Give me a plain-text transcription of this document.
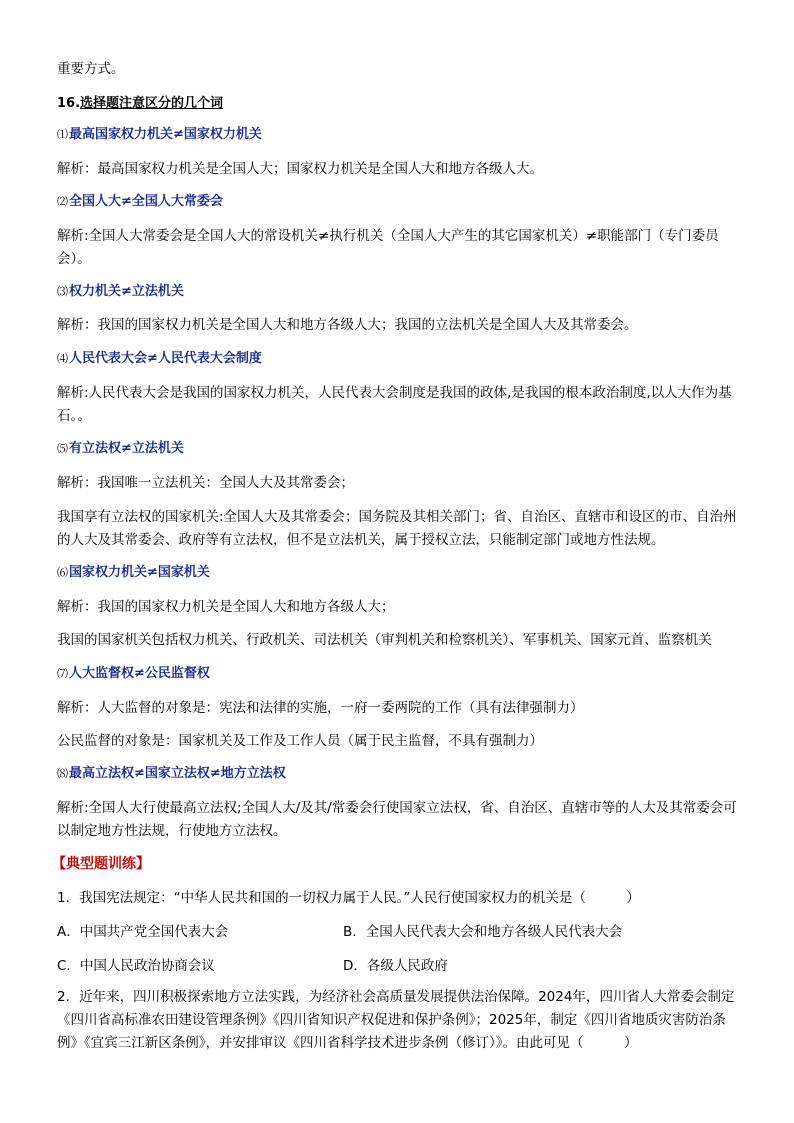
重要方式。

16.选择题注意区分的几个词

⑴最高国家权力机关≠国家权力机关

解析：最高国家权力机关是全国人大；国家权力机关是全国人大和地方各级人大。

⑵全国人大≠全国人大常委会

解析:全国人大常委会是全国人大的常设机关≠执行机关（全国人大产生的其它国家机关）≠职能部门（专门委员会）。

⑶权力机关≠立法机关

解析：我国的国家权力机关是全国人大和地方各级人大；我国的立法机关是全国人大及其常委会。

⑷人民代表大会≠人民代表大会制度

解析:人民代表大会是我国的国家权力机关，人民代表大会制度是我国的政体,是我国的根本政治制度,以人大作为基石。。

⑸有立法权≠立法机关

解析：我国唯一立法机关：全国人大及其常委会；

我国享有立法权的国家机关:全国人大及其常委会；国务院及其相关部门；省、自治区、直辖市和设区的市、自治州的人大及其常委会、政府等有立法权，但不是立法机关，属于授权立法，只能制定部门或地方性法规。

⑹国家权力机关≠国家机关

解析：我国的国家权力机关是全国人大和地方各级人大；

我国的国家机关包括权力机关、行政机关、司法机关（审判机关和检察机关）、军事机关、国家元首、监察机关

⑺人大监督权≠公民监督权

解析：人大监督的对象是：宪法和法律的实施，一府一委两院的工作（具有法律强制力）

公民监督的对象是：国家机关及工作及工作人员（属于民主监督，不具有强制力）

⑻最高立法权≠国家立法权≠地方立法权

解析:全国人大行使最高立法权;全国人大/及其/常委会行使国家立法权，省、自治区、直辖市等的人大及其常委会可以制定地方性法规，行使地方立法权。

【典型题训练】

1．我国宪法规定：“中华人民共和国的一切权力属于人民。”人民行使国家权力的机关是（　　　）

A．中国共产党全国代表大会	B．全国人民代表大会和地方各级人民代表大会
C．中国人民政治协商会议	D．各级人民政府

2．近年来，四川积极探索地方立法实践，为经济社会高质量发展提供法治保障。2024年，四川省人大常委会制定《四川省高标准农田建设管理条例》《四川省知识产权促进和保护条例》；2025年，制定《四川省地质灾害防治条例》《宜宾三江新区条例》，并安排审议《四川省科学技术进步条例（修订）》。由此可见（　　　）
